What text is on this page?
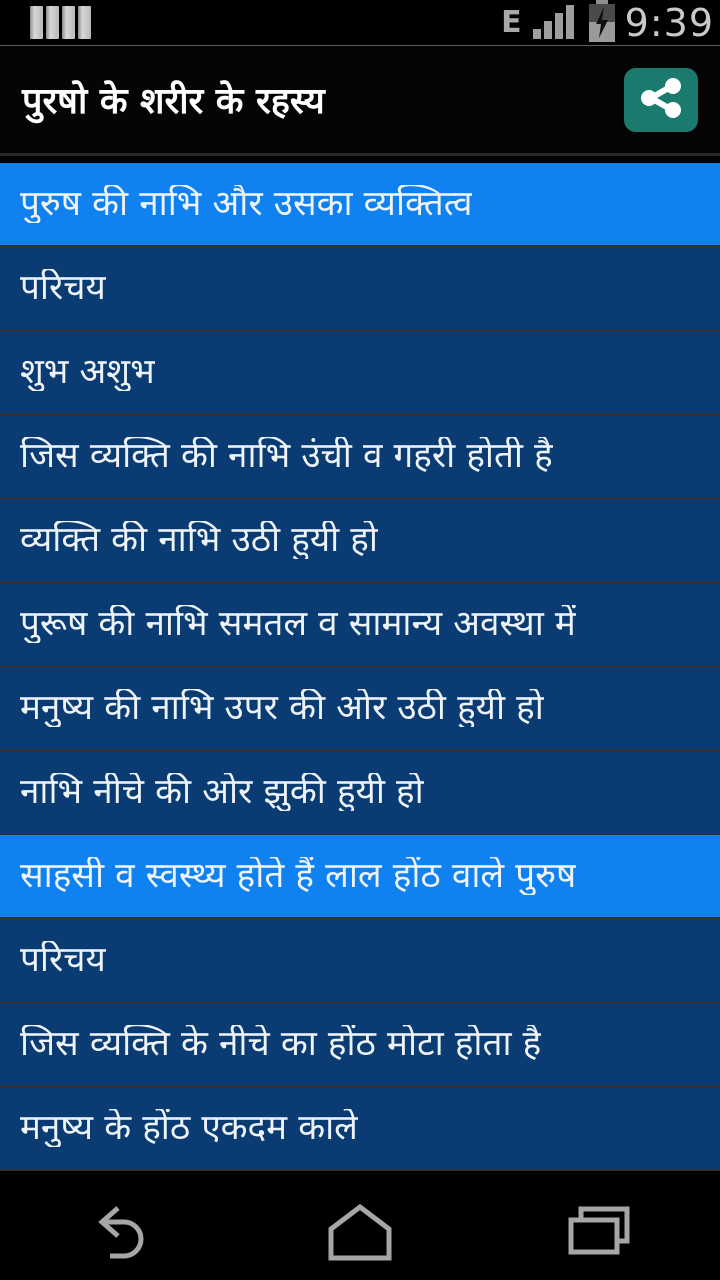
E	9:39
पुरषो के शरीर के रहस्य
पुरुष की नाभि और उसका व्यक्तित्व
परिचय
शुभ अशुभ
जिस व्यक्ति की नाभि उंची व गहरी होती है
व्यक्ति की नाभि उठी हुयी हो
पुरूष की नाभि समतल व सामान्य अवस्था में
मनुष्य की नाभि उपर की ओर उठी हुयी हो
नाभि नीचे की ओर झुकी हुयी हो
साहसी व स्वस्थ्य होते हैं लाल होंठ वाले पुरुष
परिचय
जिस व्यक्ति के नीचे का होंठ मोटा होता है
मनुष्य के होंठ एकदम काले
